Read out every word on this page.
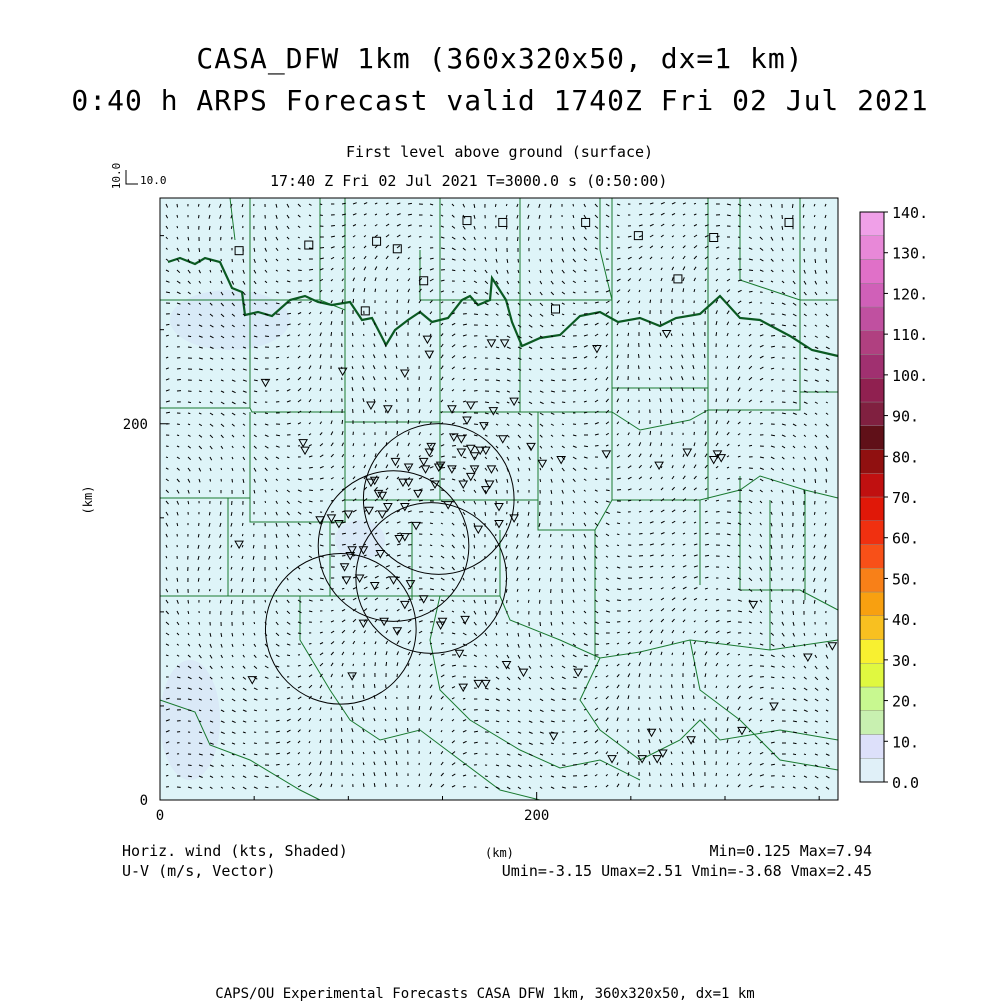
CASA_DFW 1km (360x320x50, dx=1 km)
0:40 h ARPS Forecast valid 1740Z Fri 02 Jul 2021
First level above ground (surface)
17:40 Z Fri 02 Jul 2021 T=3000.0 s (0:50:00)
0	200
0
200
(km)
10.0
10.0
140.
130.
120.
110.
100.
90.
80.
70.
60.
50.
40.
30.
20.
10.
0.0
Horiz. wind (kts, Shaded)
U-V (m/s, Vector)
(km)	Min=0.125 Max=7.94
Umin=-3.15 Umax=2.51 Vmin=-3.68 Vmax=2.45
CAPS/OU Experimental Forecasts CASA DFW 1km, 360x320x50, dx=1 km
